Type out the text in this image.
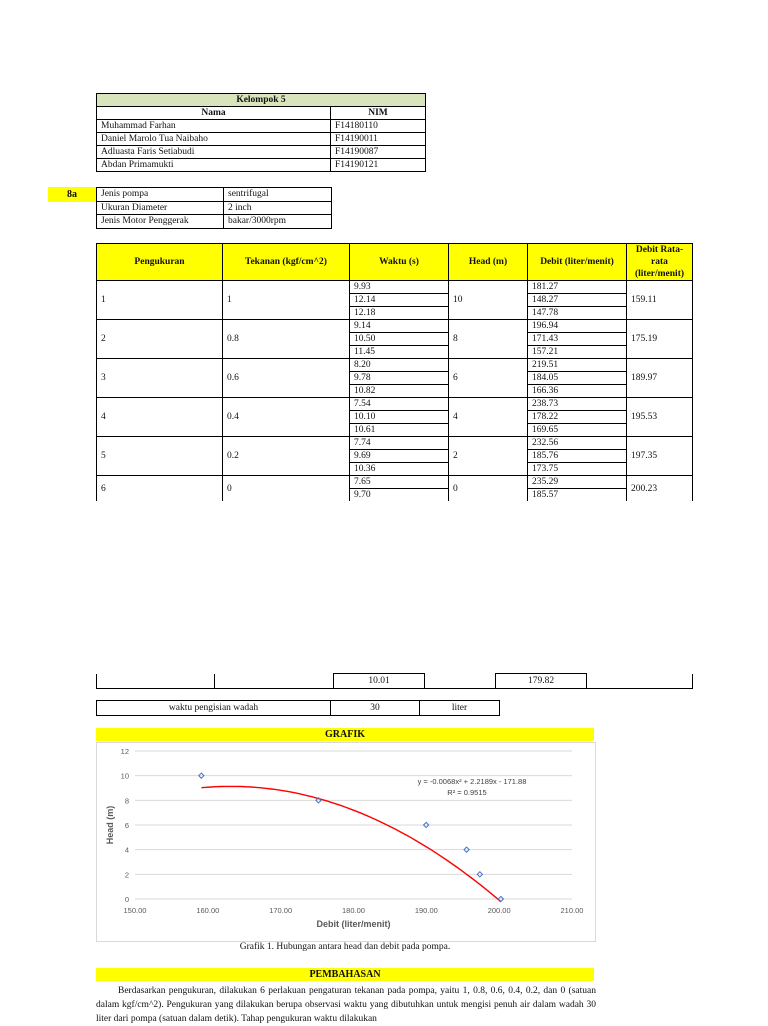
Kelompok 5	
Nama	NIM
Muhammad Farhan	F14180110
Daniel Marolo Tua Naibaho	F14190011
Adluasta Faris Setiabudi	F14190087
Abdan Primamukti	F14190121
8a	Jenis pompa	sentrifugal
Ukuran Diameter	2 inch
Jenis Motor Penggerak	bakar/3000rpm
Pengukuran	Tekanan (kgf/cm^2)	Waktu (s)	Head (m)	Debit (liter/menit)	Debit Rata-rata (liter/menit)
1	1	9.93	10	181.27	159.11
		12.14		148.27	
		12.18		147.78	
2	0.8	9.14	8	196.94	175.19
		10.50		171.43	
		11.45		157.21	
3	0.6	8.20	6	219.51	189.97
		9.78		184.05	
		10.82		166.36	
4	0.4	7.54	4	238.73	195.53
		10.10		178.22	
		10.61		169.65	
5	0.2	7.74	2	232.56	197.35
		9.69		185.76	
		10.36		173.75	
6	0	7.65	0	235.29	200.23
		9.70		185.57	
		10.01		179.82	
waktu pengisian wadah	30	liter
GRAFIK
0
2
4
6
8
10
12
150.00	160.00	170.00	180.00	190.00	200.00	210.00
Debit (liter/menit)
Head (m)
y = -0.0068x² + 2.2189x - 171.88
R² = 0.9515
Grafik 1. Hubungan antara head dan debit pada pompa.
PEMBAHASAN
Berdasarkan pengukuran, dilakukan 6 perlakuan pengaturan tekanan pada pompa, yaitu 1, 0.8, 0.6, 0.4, 0.2, dan 0 (satuan dalam kgf/cm^2). Pengukuran yang dilakukan berupa observasi waktu yang dibutuhkan untuk mengisi penuh air dalam wadah 30 liter dari pompa (satuan dalam detik). Tahap pengukuran waktu dilakukan
